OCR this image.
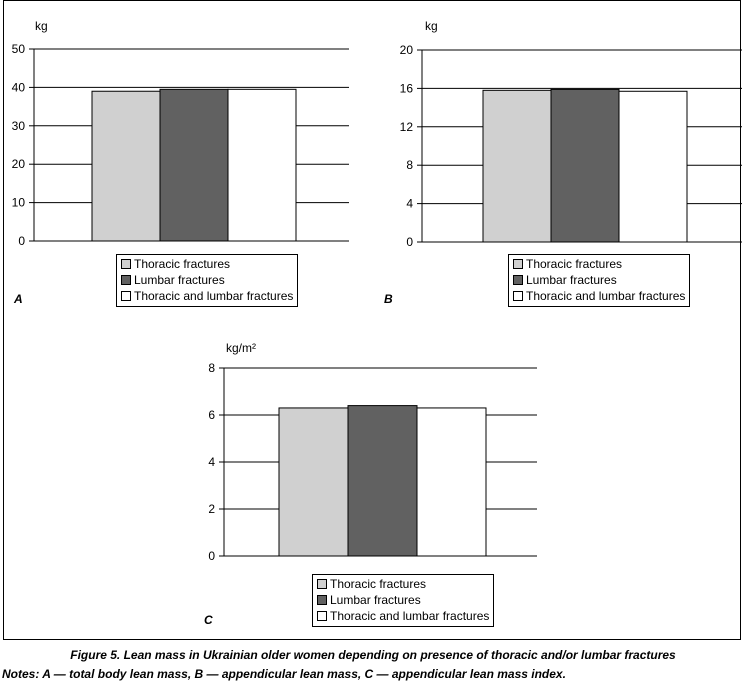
0
10
20
30
40
50
kg
Thoracic fractures
Lumbar fractures
Thoracic and lumbar fractures
A
0
4
8
12
16
20
kg
Thoracic fractures
Lumbar fractures
Thoracic and lumbar fractures
B
0
2
4
6
8
kg/m²
Thoracic fractures
Lumbar fractures
Thoracic and lumbar fractures
C
Figure 5. Lean mass in Ukrainian older women depending on presence of thoracic and/or lumbar fractures
Notes: A — total body lean mass, B — appendicular lean mass, C — appendicular lean mass index.
